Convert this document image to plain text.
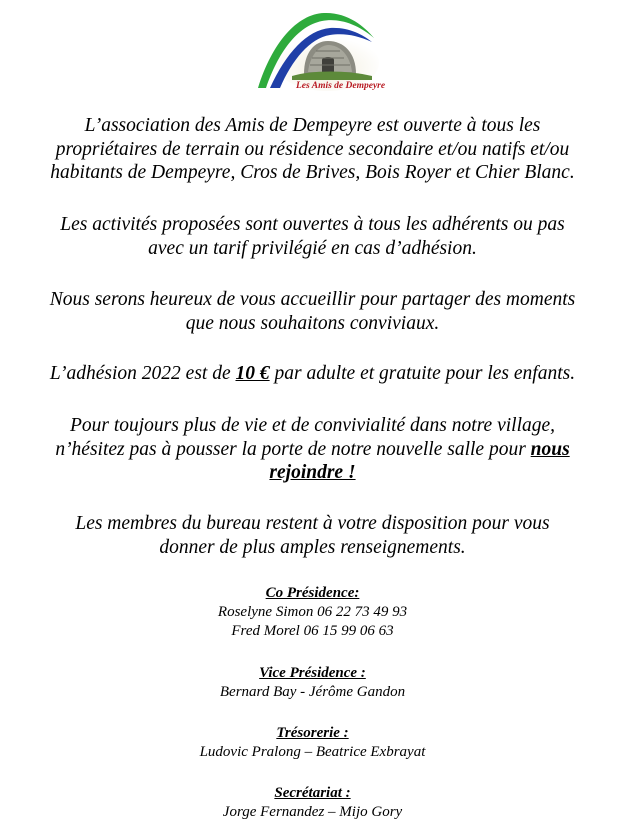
Les Amis de Dempeyre

L’association des Amis de Dempeyre est ouverte à tous les
propriétaires de terrain ou résidence secondaire et/ou natifs et/ou
habitants de Dempeyre, Cros de Brives, Bois Royer et Chier Blanc.

Les activités proposées sont ouvertes à tous les adhérents ou pas
avec un tarif privilégié en cas d’adhésion.

Nous serons heureux de vous accueillir pour partager des moments
que nous souhaitons conviviaux.

L’adhésion 2022 est de 10 € par adulte et gratuite pour les enfants.

Pour toujours plus de vie et de convivialité dans notre village,
n’hésitez pas à pousser la porte de notre nouvelle salle pour nous
rejoindre !

Les membres du bureau restent à votre disposition pour vous
donner de plus amples renseignements.

Co Présidence:
Roselyne Simon 06 22 73 49 93
Fred Morel 06 15 99 06 63
Vice Présidence :
Bernard Bay - Jérôme Gandon
Trésorerie :
Ludovic Pralong – Beatrice Exbrayat
Secrétariat :
Jorge Fernandez – Mijo Gory
